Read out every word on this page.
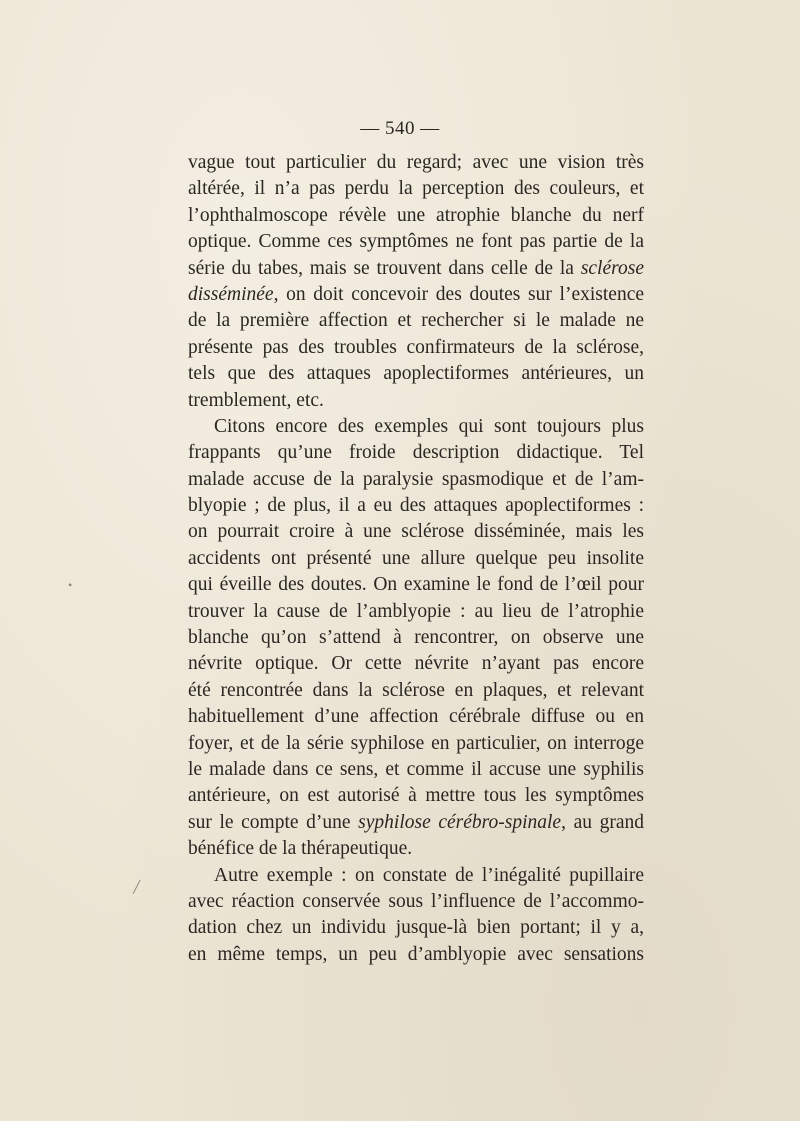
— 540 —

vague tout particulier du regard; avec une vision très
altérée, il n’a pas perdu la perception des couleurs, et
l’ophthalmoscope révèle une atrophie blanche du nerf
optique. Comme ces symptômes ne font pas partie de la
série du tabes, mais se trouvent dans celle de la sclérose
disséminée, on doit concevoir des doutes sur l’existence
de la première affection et rechercher si le malade ne
présente pas des troubles confirmateurs de la sclérose,
tels que des attaques apoplectiformes antérieures, un
tremblement, etc.

Citons encore des exemples qui sont toujours plus
frappants qu’une froide description didactique. Tel
malade accuse de la paralysie spasmodique et de l’am-
blyopie ; de plus, il a eu des attaques apoplectiformes :
on pourrait croire à une sclérose disséminée, mais les
accidents ont présenté une allure quelque peu insolite
qui éveille des doutes. On examine le fond de l’œil pour
trouver la cause de l’amblyopie : au lieu de l’atrophie
blanche qu’on s’attend à rencontrer, on observe une
névrite optique. Or cette névrite n’ayant pas encore
été rencontrée dans la sclérose en plaques, et relevant
habituellement d’une affection cérébrale diffuse ou en
foyer, et de la série syphilose en particulier, on interroge
le malade dans ce sens, et comme il accuse une syphilis
antérieure, on est autorisé à mettre tous les symptômes
sur le compte d’une syphilose cérébro-spinale, au grand
bénéfice de la thérapeutique.

Autre exemple : on constate de l’inégalité pupillaire
avec réaction conservée sous l’influence de l’accommo-
dation chez un individu jusque-là bien portant; il y a,
en même temps, un peu d’amblyopie avec sensations

•
╱
